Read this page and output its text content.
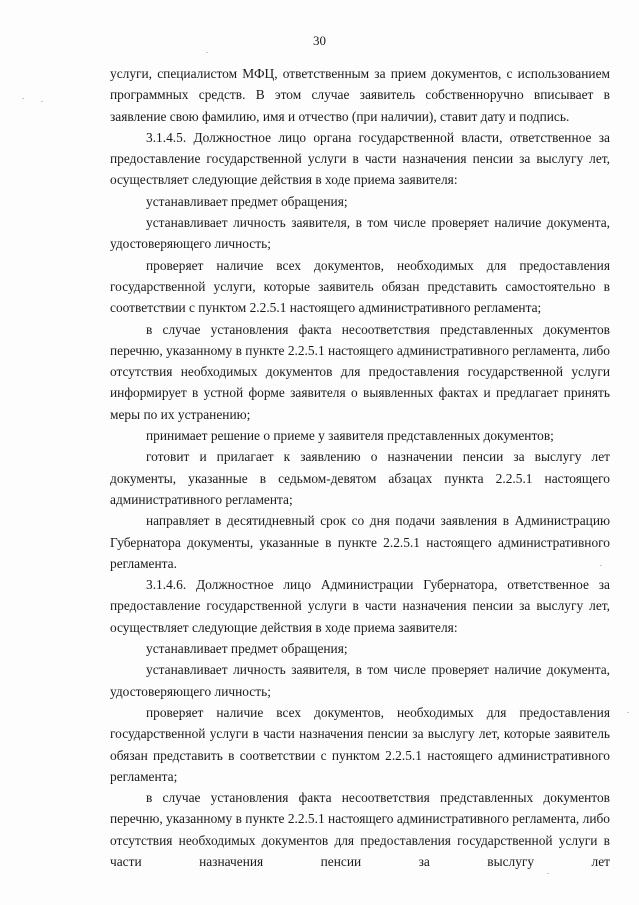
30

услуги, специалистом МФЦ, ответственным за прием документов, с использованием программных средств. В этом случае заявитель собственноручно вписывает в заявление свою фамилию, имя и отчество (при наличии), ставит дату и подпись.

3.1.4.5. Должностное лицо органа государственной власти, ответственное за предоставление государственной услуги в части назначения пенсии за выслугу лет, осуществляет следующие действия в ходе приема заявителя:

устанавливает предмет обращения;

устанавливает личность заявителя, в том числе проверяет наличие документа, удостоверяющего личность;

проверяет наличие всех документов, необходимых для предоставления государственной услуги, которые заявитель обязан представить самостоятельно в соответствии с пунктом 2.2.5.1 настоящего административного регламента;

в случае установления факта несоответствия представленных документов перечню, указанному в пункте 2.2.5.1 настоящего административного регламента, либо отсутствия необходимых документов для предоставления государственной услуги информирует в устной форме заявителя о выявленных фактах и предлагает принять меры по их устранению;

принимает решение о приеме у заявителя представленных документов;

готовит и прилагает к заявлению о назначении пенсии за выслугу лет документы, указанные в седьмом-девятом абзацах пункта 2.2.5.1 настоящего административного регламента;

направляет в десятидневный срок со дня подачи заявления в Администрацию Губернатора документы, указанные в пункте 2.2.5.1 настоящего административного регламента.

3.1.4.6. Должностное лицо Администрации Губернатора, ответственное за предоставление государственной услуги в части назначения пенсии за выслугу лет, осуществляет следующие действия в ходе приема заявителя:

устанавливает предмет обращения;

устанавливает личность заявителя, в том числе проверяет наличие документа, удостоверяющего личность;

проверяет наличие всех документов, необходимых для предоставления государственной услуги в части назначения пенсии за выслугу лет, которые заявитель обязан представить в соответствии с пунктом 2.2.5.1 настоящего административного регламента;

в случае установления факта несоответствия представленных документов перечню, указанному в пункте 2.2.5.1 настоящего административного регламента, либо отсутствия необходимых документов для предоставления государственной услуги в части назначения пенсии за выслугу лет
